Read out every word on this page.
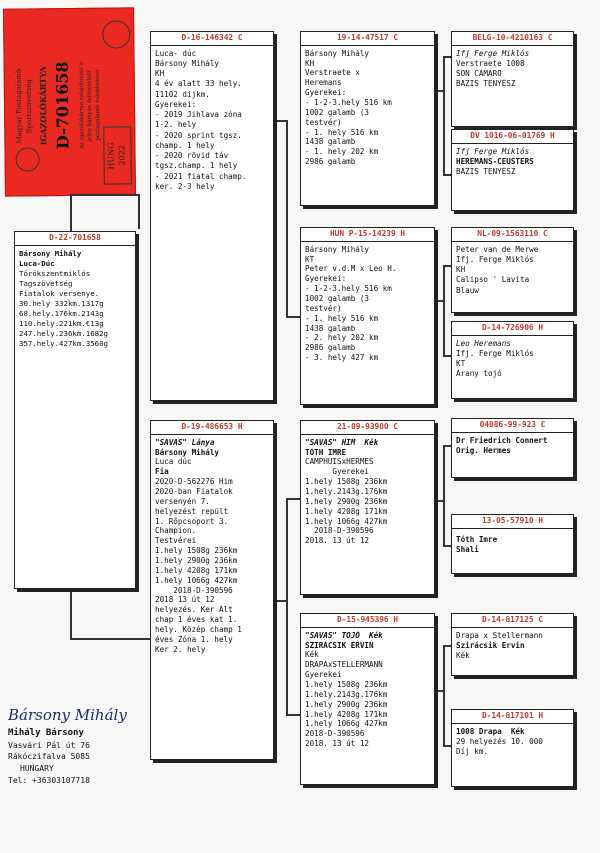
Magyar Postagalamb Sportszövetség IGAZOLÓKÁRTYA D-701658 Az igazolókártya tulajdonosa a jelen kártyán feltüntetett postagalamb tulajdonosa
HUNG 2022
D-22-701658
Bársony Mihály
Luca-Dúc
Törökszentmiklós
Tagszövetség
Fiatalok versenye.
30.hely 332km.1317g
68.hely.176km.2143g
110.hely.221km.€13g
247.hely.236km.1682g
357.hely.427km.3560g
D-16-146342 C
Luca- dúc
Bársony Mihály
KH
4 év alatt 33 hely.
11102 díjkm.
Gyerekei:
- 2019 Jihlava zóna
1-2. hely
- 2020 sprint tgsz.
champ. 1 hely
- 2020 rövid táv
tgsz.champ. 1 hely
- 2021 fiatal champ.
ker. 2-3 hely
D-19-486653 H
"SAVAS" Lánya
Bársony Mihály
Luca dúc
Fia
2020-D-562276 Him
2020-ban Fiatalok
versenyén 7.
helyezést repült
1. Rőpcsoport 3.
Champion.
Testvérei
1.hely 1508g 236km
1.hely 2900g 236km
1.hely 4208g 171km
1.hely 1066g 427km
2018-D-390596
2018 13 út 12
helyezés. Ker Alt
chap 1 éves kat 1.
hely. Közép champ 1
éves Zóna 1. hely
Ker 2. hely
19-14-47517 C
Bársony Mihály
KH
Verstraete x
Heremans
Gyerekei:
- 1-2-3.hely 516 km
1002 galamb (3
testvér)
- 1. hely 516 km
1438 galamb
- 1. hely 202 km
2986 galamb
HUN P-15-14239 H
Bársony Mihály
KT
Peter v.d.M x Leo H.
Gyerekei:
- 1-2-3.hely 516 km
1002 galamb (3
testvér)
- 1. hely 516 km
1438 galamb
- 2. hely 202 km
2986 galamb
- 3. hely 427 km
21-09-93900 C
"SAVAS" HIM  Kék
TÓTH IMRE
CAMPHUISxHERMES
Gyerekei
1.hely 1508g 236km
1.hely.2143g.176km
1.hely 2900g 236km
1.hely 4208g 171km
1.hely 1066g 427km
2018-D-390596
2018. 13 út 12
D-15-945396 H
"SAVAS" TOJÓ  Kék
SZIRÁCSIK ERVIN
Kék
DRAPAxSTELLERMANN
Gyerekei
1.hely 1508g 236km
1.hely.2143g.176km
1.hely 2900g 236km
1.hely 4208g 171km
1.hely 1066g 427km
2018-D-390596
2018. 13 út 12
BELG-10-4210163 C
Ifj Ferge Miklós
Verstraete 1008
SON CAMARO
BAZIS TENYÉSZ
DV 1016-06-01769 H
Ifj Ferge Miklós
HEREMANS-CEUSTERS
BAZIS TENYÉSZ
NL-09-1563110 C
Peter van de Merwe
Ifj. Ferge Miklós
KH
Calipso ' Lavita
Blauw
D-14-726906 H
Leo Heremans
Ifj. Ferge Miklós
KT
Arany tojó
04086-99-923 C
Dr Friedrich Connert
Orig. Hermes
13-05-57910 H
Tóth Imre
Shali
D-14-817125 C
Drapa x Stellermann
Szirácsik Ervin
Kék
D-14-817101 H
1008 Drapa  Kék
29 helyezés 10. 000
Díj km.
Bársony Mihály
Mihály Bársony
Vasvári Pál út 76
Rákóczifalva 5085
HUNGARY
Tel: +36303107718
